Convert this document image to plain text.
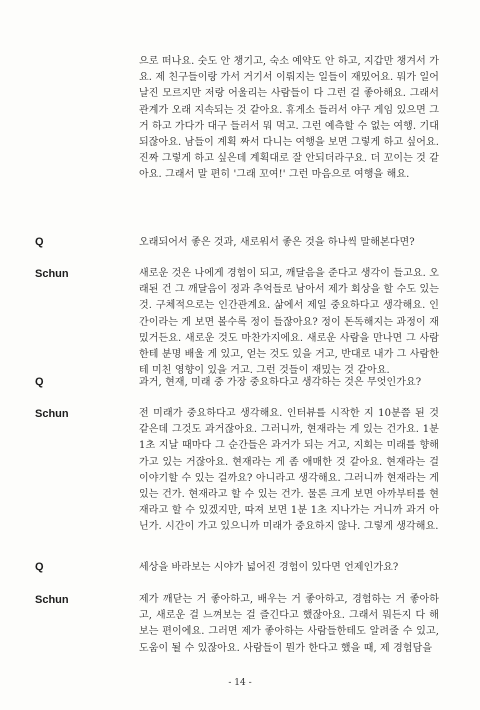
으로 떠나요. 숫도 안 챙기고, 숙소 예약도 안 하고, 지갑만 챙겨서 가요. 제 친구들이랑 가서 거기서 이뤄지는 일들이 재밌어요. 뭐가 일어날진 모르지만 저랑 어울리는 사람들이 다 그런 걸 좋아해요. 그래서 관계가 오래 지속되는 것 같아요. 휴게소 들러서 야구 게임 있으면 그거 하고 가다가 대구 들러서 뭐 먹고. 그런 예측할 수 없는 여행. 기대되잖아요. 남들이 계획 짜서 다니는 여행을 보면 그렇게 하고 싶어요. 진짜 그렇게 하고 싶은데 계획대로 잘 안되더라구요. 더 꼬이는 것 같아요. 그래서 말 편히 '그래 꼬여!' 그런 마음으로 여행을 해요.
Q	오래되어서 좋은 것과, 새로워서 좋은 것을 하나씩 말해본다면?
Schun	새로운 것은 나에게 경험이 되고, 깨달음을 준다고 생각이 들고요. 오래된 건 그 깨달음이 정과 추억들로 남아서 제가 회상을 할 수도 있는 것. 구체적으로는 인간관계요. 삶에서 제일 중요하다고 생각해요. 인간이라는 게 보면 볼수록 정이 들잖아요? 정이 돈독해지는 과정이 재밌거든요. 새로운 것도 마찬가지에요. 새로운 사람을 만나면 그 사람한테 분명 배울 게 있고, 얻는 것도 있을 거고, 반대로 내가 그 사람한테 미친 영향이 있을 거고. 그런 것들이 재밌는 것 같아요.
Q	과거, 현재, 미래 중 가장 중요하다고 생각하는 것은 무엇인가요?
Schun	전 미래가 중요하다고 생각해요. 인터뷰를 시작한 지 10분쯤 된 것 같은데 그것도 과거잖아요. 그러니까, 현재라는 게 있는 건가요. 1분 1초 지날 때마다 그 순간들은 과거가 되는 거고, 지회는 미래를 향해 가고 있는 거잖아요. 현재라는 게 좀 애매한 것 같아요. 현재라는 걸 이야기할 수 있는 걸까요? 아니라고 생각해요. 그러니까 현재라는 게 있는 건가. 현재라고 할 수 있는 건가. 물론 크게 보면 아까부터를 현재라고 할 수 있겠지만, 따져 보면 1분 1초 지나가는 거니까 과거 아닌가. 시간이 가고 있으니까 미래가 중요하지 않나. 그렇게 생각해요.
Q	세상을 바라보는 시야가 넓어진 경험이 있다면 언제인가요?
Schun	제가 깨닫는 거 좋아하고, 배우는 거 좋아하고, 경험하는 거 좋아하고, 새로운 걸 느껴보는 걸 즐긴다고 했잖아요. 그래서 뭐든지 다 해보는 편이에요. 그러면 제가 좋아하는 사람들한테도 알려줄 수 있고, 도움이 될 수 있잖아요. 사람들이 뭔가 한다고 했을 때, 제 경험담을
- 14 -
